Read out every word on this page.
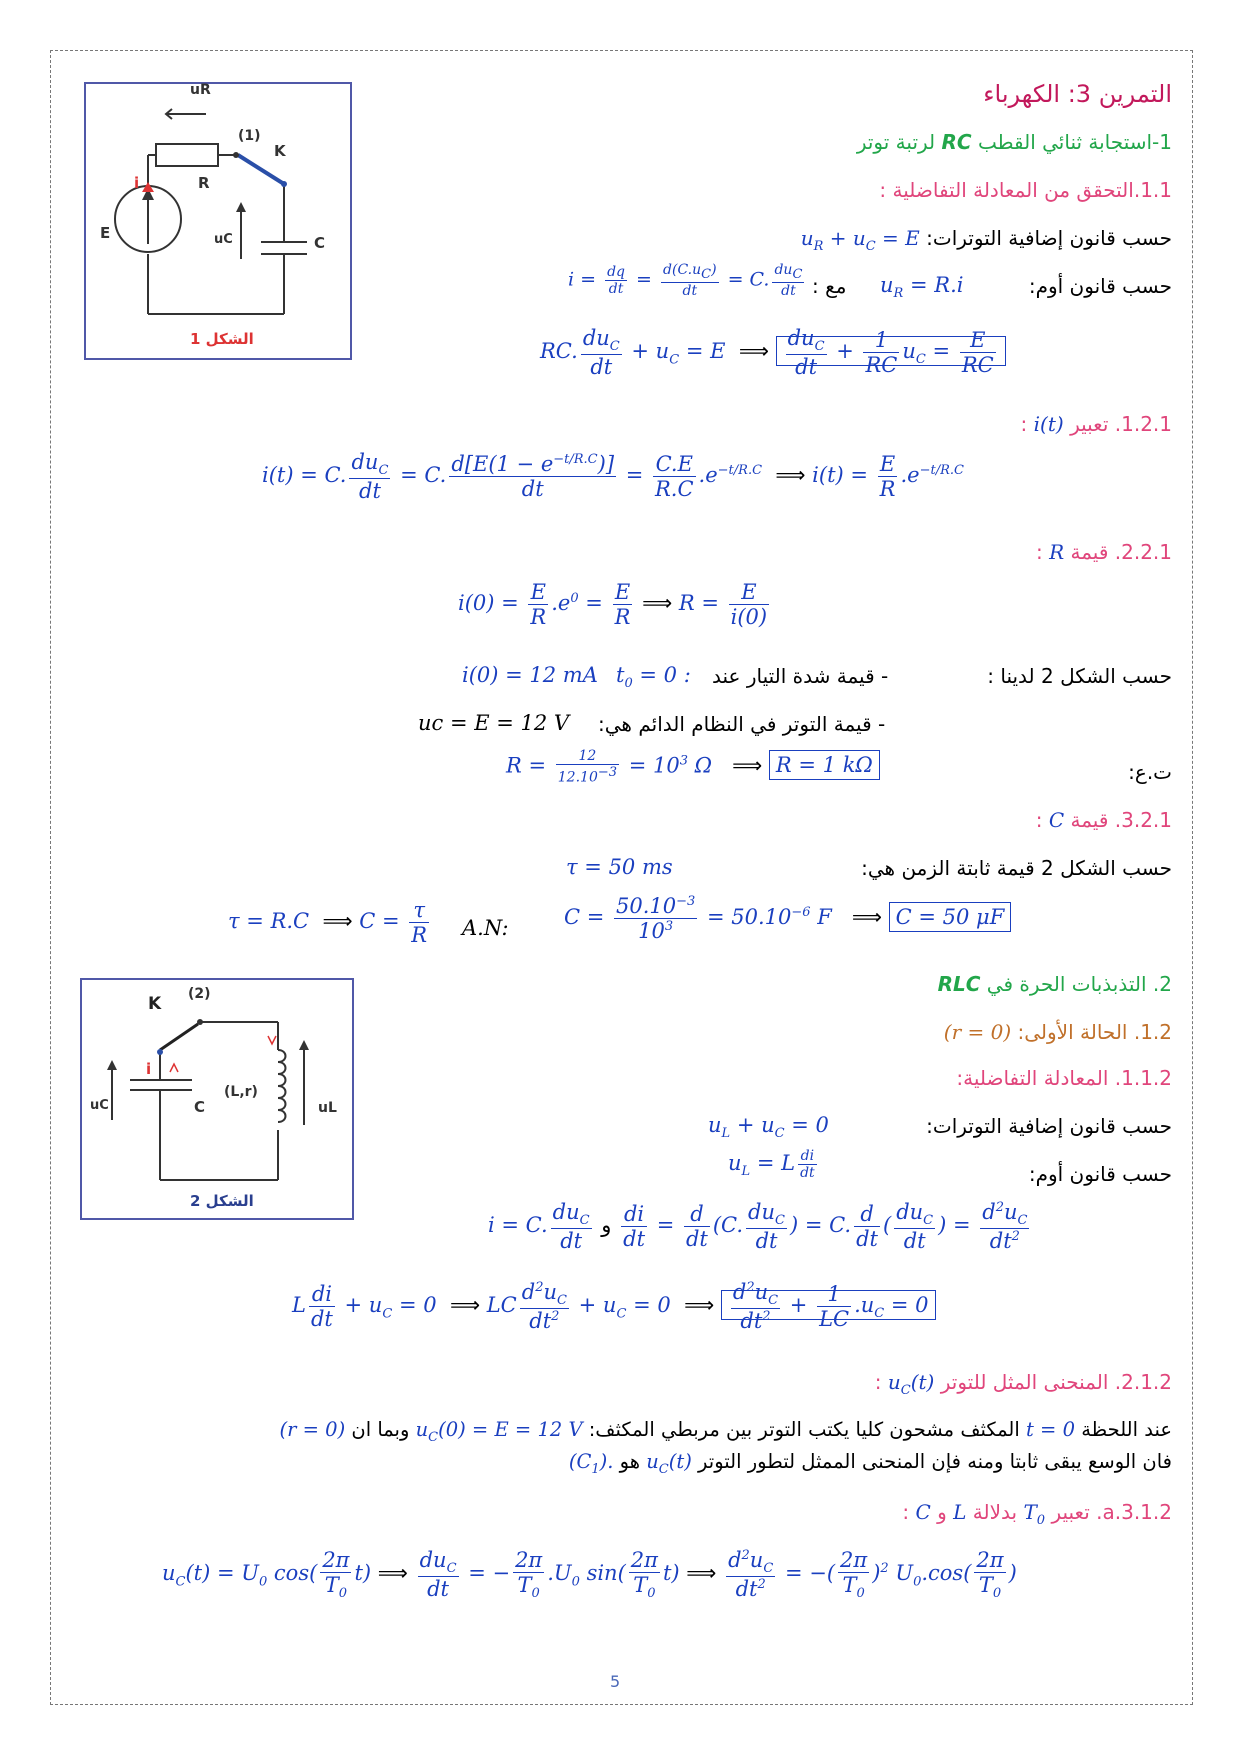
uR
(1)
K
R
i
E	uC	C
الشكل 1
K (2)
i
uC	C
(L,r)
uL
الشكل 2
التمرين 3: الكهرباء
1-استجابة ثنائي القطب RC لرتبة توتر
1.1.التحقق من المعادلة التفاضلية :
حسب قانون إضافية التوترات: $u_R + u_C = E$
حسب قانون أوم:
$u_R = R.i$
مع :
$i = \frac{dq}{dt} = \frac{d(C.u_C)}{dt} = C$. $\frac{du_C}{dt}$
RC. $\frac{du_C}{dt} + u_C = E$  ⟹ $\frac{du_C}{dt} + \frac{1}{RC} u_C = \frac{E}{RC}$
1.2.1. تعبير i(t) :
i(t) = C. $\frac{du_C}{dt} = C$. $\frac{d[E(1 - e^{-t/R.C})]}{dt} = \frac{C.E}{R.C} .e^{-t/R.C}$ ⟹ $i(t) = \frac{E}{R} .e^{-t/R.C}$
2.2.1. قيمة R :
$i(0) = \frac{E}{R} .e^0 = \frac{E}{R}$ ⟹ $R = \frac{E}{i(0)}$
حسب الشكل 2 لدينا :
- قيمة شدة التيار عند
$t_0 = 0$ :
i(0) = 12 mA
- قيمة التوتر في النظام الدائم هي:
uc = E = 12 V
ت.ع:
$R = \frac{12}{12.10^{-3}} = 10^3$ Ω   ⟹ R = 1 kΩ
3.2.1. قيمة C :
حسب الشكل 2 قيمة ثابتة الزمن هي:
τ = 50 ms
τ = R.C  ⟹ $C = \frac{\tau}{R} A.N$:	$C = \frac{50.10^{-3}}{10^3} = 50.10^{-6}$ F   ⟹ C = 50 μF
2. التذبذبات الحرة في RLC
1.2. الحالة الأولى: (r = 0)
1.1.2. المعادلة التفاضلية:
حسب قانون إضافية التوترات:
$u_L + u_C = 0$
حسب قانون أوم:
$u_L = L \frac{di}{dt}$
i = C. $\frac{du_C}{dt}$ و $\frac{di}{dt} = \frac{d}{dt} (C$. $\frac{du_C}{dt}$ ) = C. $\frac{d}{dt}$ ( $\frac{du_C}{dt}$ ) = $\frac{d^2u_C}{dt^2}$
L $\frac{di}{dt} + u_C = 0$  ⟹ LC $\frac{d^2u_C}{dt^2} + u_C = 0$  ⟹ $\frac{d^2u_C}{dt^2} + \frac{1}{LC} .u_C = 0$
2.1.2. المنحنى المثل للتوتر $u_C(t)$ :
عند اللحظة t = 0 المكثف مشحون كليا يكتب التوتر بين مربطي المكثف: $u_C(0) = E = 12$ V وبما ان (r = 0)
فان الوسع يبقى ثابتا ومنه فإن المنحنى الممثل لتطور التوتر $u_C(t)$ هو $(C_1)$.
a.3.1.2. تعبير $T_0$ بدلالة L و C :
$u_C(t) = U_0$ $\cos( \frac{2\pi}{T_0} t)$ ⟹ $\frac{du_C}{dt}$ = − $\frac{2\pi}{T_0} .U_0$ $\sin( \frac{2\pi}{T_0} t)$ ⟹ $\frac{d^2u_C}{dt^2}$ = −( $\frac{2\pi}{T_0} )^2$ $U_0.\cos( \frac{2\pi}{T_0}$ )
5
